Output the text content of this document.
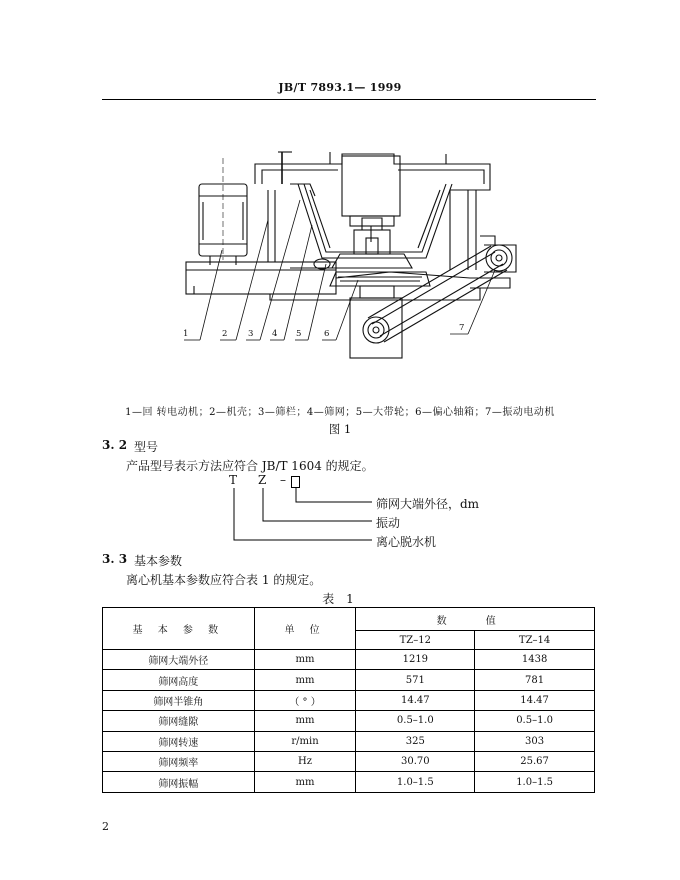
JB/T 7893.1— 1999
1	2 3 4 5	6
7
1—回 转电动机；2—机壳；3—筛栏；4—筛网；5—大带轮；6—偏心轴箱；7—振动电动机
图 1
3. 2 型号
产品型号表示方法应符合 JB/T 1604 的规定。
T Z –
筛网大端外径，dm
振动
离心脱水机
3. 3 基本参数
离心机基本参数应符合表 1 的规定。
表 1
基 本 参 数	单 位	数 值	
		TZ–12	TZ–14
筛网大端外径	mm	1219	1438
筛网高度	mm	571	781
筛网半锥角	（ ° ）	14.47	14.47
筛网缝隙	mm	0.5–1.0	0.5–1.0
筛网转速	r/min	325	303
筛网频率	Hz	30.70	25.67
筛网振幅	mm	1.0–1.5	1.0–1.5
2
